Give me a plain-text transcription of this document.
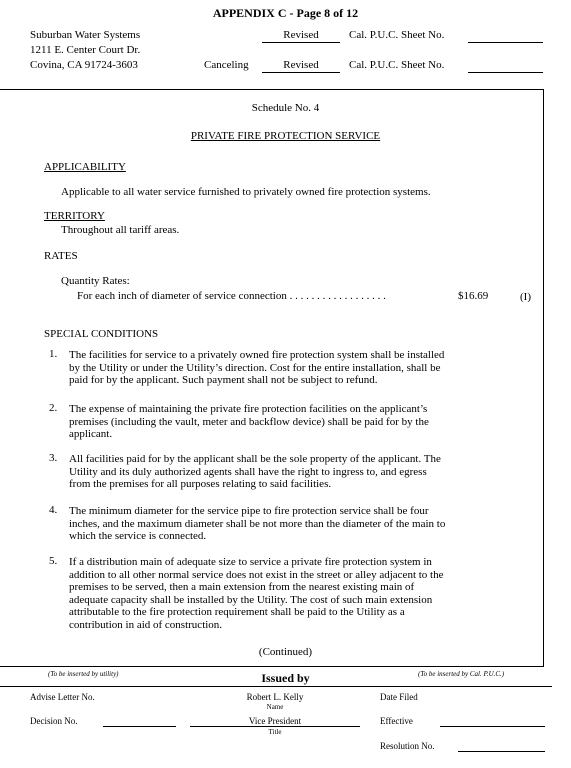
APPENDIX C - Page 8 of 12
Suburban Water Systems
1211 E. Center Court Dr.
Covina, CA 91724-3603
Revised	Cal. P.U.C. Sheet No.
Canceling	Revised	Cal. P.U.C. Sheet No.
Schedule No. 4
PRIVATE FIRE PROTECTION SERVICE
APPLICABILITY
Applicable to all water service furnished to privately owned fire protection systems.
TERRITORY
Throughout all tariff areas.
RATES
Quantity Rates:
For each inch of diameter of service connection . . . . . . . . . . . . . . . . . .	$16.69	(I)
SPECIAL CONDITIONS
1. The facilities for service to a privately owned fire protection system shall be installed
by the Utility or under the Utility’s direction. Cost for the entire installation, shall be
paid for by the applicant. Such payment shall not be subject to refund.
2. The expense of maintaining the private fire protection facilities on the applicant’s
premises (including the vault, meter and backflow device) shall be paid for by the
applicant.
3. All facilities paid for by the applicant shall be the sole property of the applicant. The
Utility and its duly authorized agents shall have the right to ingress to, and egress
from the premises for all purposes relating to said facilities.
4. The minimum diameter for the service pipe to fire protection service shall be four
inches, and the maximum diameter shall be not more than the diameter of the main to
which the service is connected.
5. If a distribution main of adequate size to service a private fire protection system in
addition to all other normal service does not exist in the street or alley adjacent to the
premises to be served, then a main extension from the nearest existing main of
adequate capacity shall be installed by the Utility. The cost of such main extension
attributable to the fire protection requirement shall be paid to the Utility as a
contribution in aid of construction.
(Continued)
(To be inserted by utility)	Issued by	(To be inserted by Cal. P.U.C.)
Advise Letter No.	Robert L. Kelly
Name
Date Filed
Decision No.	Vice President
Title
Effective
Resolution No.
